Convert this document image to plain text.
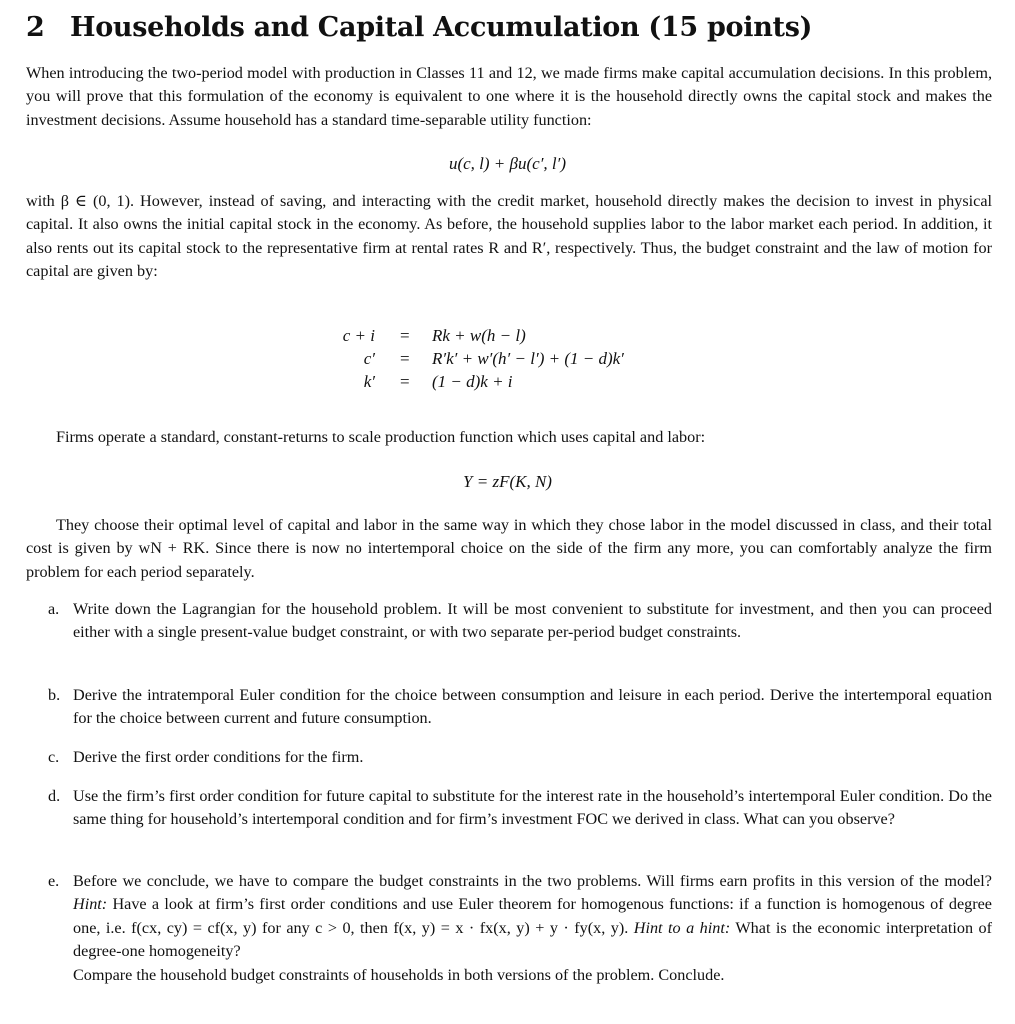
2 Households and Capital Accumulation (15 points)

When introducing the two-period model with production in Classes 11 and 12, we made firms make capital accumulation decisions. In this problem, you will prove that this formulation of the economy is equivalent to one where it is the household directly owns the capital stock and makes the investment decisions. Assume household has a standard time-separable utility function:

u(c, l) + βu(c′, l′)

with β ∈ (0, 1). However, instead of saving, and interacting with the credit market, household directly makes the decision to invest in physical capital. It also owns the initial capital stock in the economy. As before, the household supplies labor to the labor market each period. In addition, it also rents out its capital stock to the representative firm at rental rates R and R′, respectively. Thus, the budget constraint and the law of motion for capital are given by:

c + i = Rk + w(h − l)
c′ = R′k′ + w′(h′ − l′) + (1 − d)k′
k′ = (1 − d)k + i

Firms operate a standard, constant-returns to scale production function which uses capital and labor:

Y = zF(K, N)

They choose their optimal level of capital and labor in the same way in which they chose labor in the model discussed in class, and their total cost is given by wN + RK. Since there is now no intertemporal choice on the side of the firm any more, you can comfortably analyze the firm problem for each period separately.

a. Write down the Lagrangian for the household problem. It will be most convenient to substitute for investment, and then you can proceed either with a single present-value budget constraint, or with two separate per-period budget constraints.
b. Derive the intratemporal Euler condition for the choice between consumption and leisure in each period. Derive the intertemporal equation for the choice between current and future consumption.
c. Derive the first order conditions for the firm.
d. Use the firm’s first order condition for future capital to substitute for the interest rate in the household’s intertemporal Euler condition. Do the same thing for household’s intertemporal condition and for firm’s investment FOC we derived in class. What can you observe?
e. Before we conclude, we have to compare the budget constraints in the two problems. Will firms earn profits in this version of the model? Hint: Have a look at firm’s first order conditions and use Euler theorem for homogenous functions: if a function is homogenous of degree one, i.e. f(cx, cy) = cf(x, y) for any c > 0, then f(x, y) = x · fx(x, y) + y · fy(x, y). Hint to a hint: What is the economic interpretation of degree-one homogeneity?
Compare the household budget constraints of households in both versions of the problem. Conclude.
